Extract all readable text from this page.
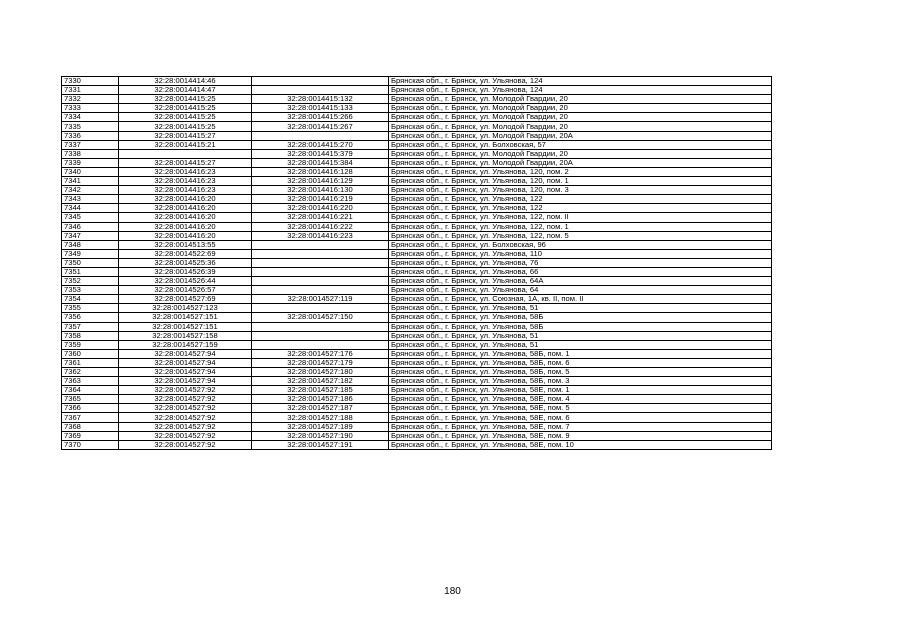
7330	32:28:0014414:46		Брянская обл., г. Брянск, ул. Ульянова, 124
7331	32:28:0014414:47		Брянская обл., г. Брянск, ул. Ульянова, 124
7332	32:28:0014415:25	32:28:0014415:132	Брянская обл., г. Брянск, ул. Молодой Гвардии, 20
7333	32:28:0014415:25	32:28:0014415:133	Брянская обл., г. Брянск, ул. Молодой Гвардии, 20
7334	32:28:0014415:25	32:28:0014415:266	Брянская обл., г. Брянск, ул. Молодой Гвардии, 20
7335	32:28:0014415:25	32:28:0014415:267	Брянская обл., г. Брянск, ул. Молодой Гвардии, 20
7336	32:28:0014415:27		Брянская обл., г. Брянск, ул. Молодой Гвардии, 20А
7337	32:28:0014415:21	32:28:0014415:270	Брянская обл., г. Брянск, ул. Болховская, 57
7338		32:28:0014415:379	Брянская обл., г. Брянск, ул. Молодой Гвардии, 20
7339	32:28:0014415:27	32:28:0014415:384	Брянская обл., г. Брянск, ул. Молодой Гвардии, 20А
7340	32:28:0014416:23	32:28:0014416:128	Брянская обл., г. Брянск, ул. Ульянова, 120, пом. 2
7341	32:28:0014416:23	32:28:0014416:129	Брянская обл., г. Брянск, ул. Ульянова, 120, пом. 1
7342	32:28:0014416:23	32:28:0014416:130	Брянская обл., г. Брянск, ул. Ульянова, 120, пом. 3
7343	32:28:0014416:20	32:28:0014416:219	Брянская обл., г. Брянск, ул. Ульянова, 122
7344	32:28:0014416:20	32:28:0014416:220	Брянская обл., г. Брянск, ул. Ульянова, 122
7345	32:28:0014416:20	32:28:0014416:221	Брянская обл., г. Брянск, ул. Ульянова, 122, пом. II
7346	32:28:0014416:20	32:28:0014416:222	Брянская обл., г. Брянск, ул. Ульянова, 122, пом. 1
7347	32:28:0014416:20	32:28:0014416:223	Брянская обл., г. Брянск, ул. Ульянова, 122, пом. 5
7348	32:28:0014513:55		Брянская обл., г. Брянск, ул. Болховская, 96
7349	32:28:0014522:69		Брянская обл., г. Брянск, ул. Ульянова, 110
7350	32:28:0014525:36		Брянская обл., г. Брянск, ул. Ульянова, 76
7351	32:28:0014526:39		Брянская обл., г. Брянск, ул. Ульянова, 66
7352	32:28:0014526:44		Брянская обл., г. Брянск, ул. Ульянова, 64А
7353	32:28:0014526:57		Брянская обл., г. Брянск, ул. Ульянова, 64
7354	32:28:0014527:69	32:28:0014527:119	Брянская обл., г. Брянск, ул. Союзная, 1А, кв. II, пом. II
7355	32:28:0014527:123		Брянская обл., г. Брянск, ул. Ульянова, 51
7356	32:28:0014527:151	32:28:0014527:150	Брянская обл., г. Брянск, ул. Ульянова, 58Б
7357	32:28:0014527:151		Брянская обл., г. Брянск, ул. Ульянова, 58Б
7358	32:28:0014527:158		Брянская обл., г. Брянск, ул. Ульянова, 51
7359	32:28:0014527:159		Брянская обл., г. Брянск, ул. Ульянова, 51
7360	32:28:0014527:94	32:28:0014527:176	Брянская обл., г. Брянск, ул. Ульянова, 58Б, пом. 1
7361	32:28:0014527:94	32:28:0014527:179	Брянская обл., г. Брянск, ул. Ульянова, 58Б, пом. 6
7362	32:28:0014527:94	32:28:0014527:180	Брянская обл., г. Брянск, ул. Ульянова, 58Б, пом. 5
7363	32:28:0014527:94	32:28:0014527:182	Брянская обл., г. Брянск, ул. Ульянова, 58Б, пом. 3
7364	32:28:0014527:92	32:28:0014527:185	Брянская обл., г. Брянск, ул. Ульянова, 58Е, пом. 1
7365	32:28:0014527:92	32:28:0014527:186	Брянская обл., г. Брянск, ул. Ульянова, 58Е, пом. 4
7366	32:28:0014527:92	32:28:0014527:187	Брянская обл., г. Брянск, ул. Ульянова, 58Е, пом. 5
7367	32:28:0014527:92	32:28:0014527:188	Брянская обл., г. Брянск, ул. Ульянова, 58Е, пом. 6
7368	32:28:0014527:92	32:28:0014527:189	Брянская обл., г. Брянск, ул. Ульянова, 58Е, пом. 7
7369	32:28:0014527:92	32:28:0014527:190	Брянская обл., г. Брянск, ул. Ульянова, 58Е, пом. 9
7370	32:28:0014527:92	32:28:0014527:191	Брянская обл., г. Брянск, ул. Ульянова, 58Е, пом. 10
180
